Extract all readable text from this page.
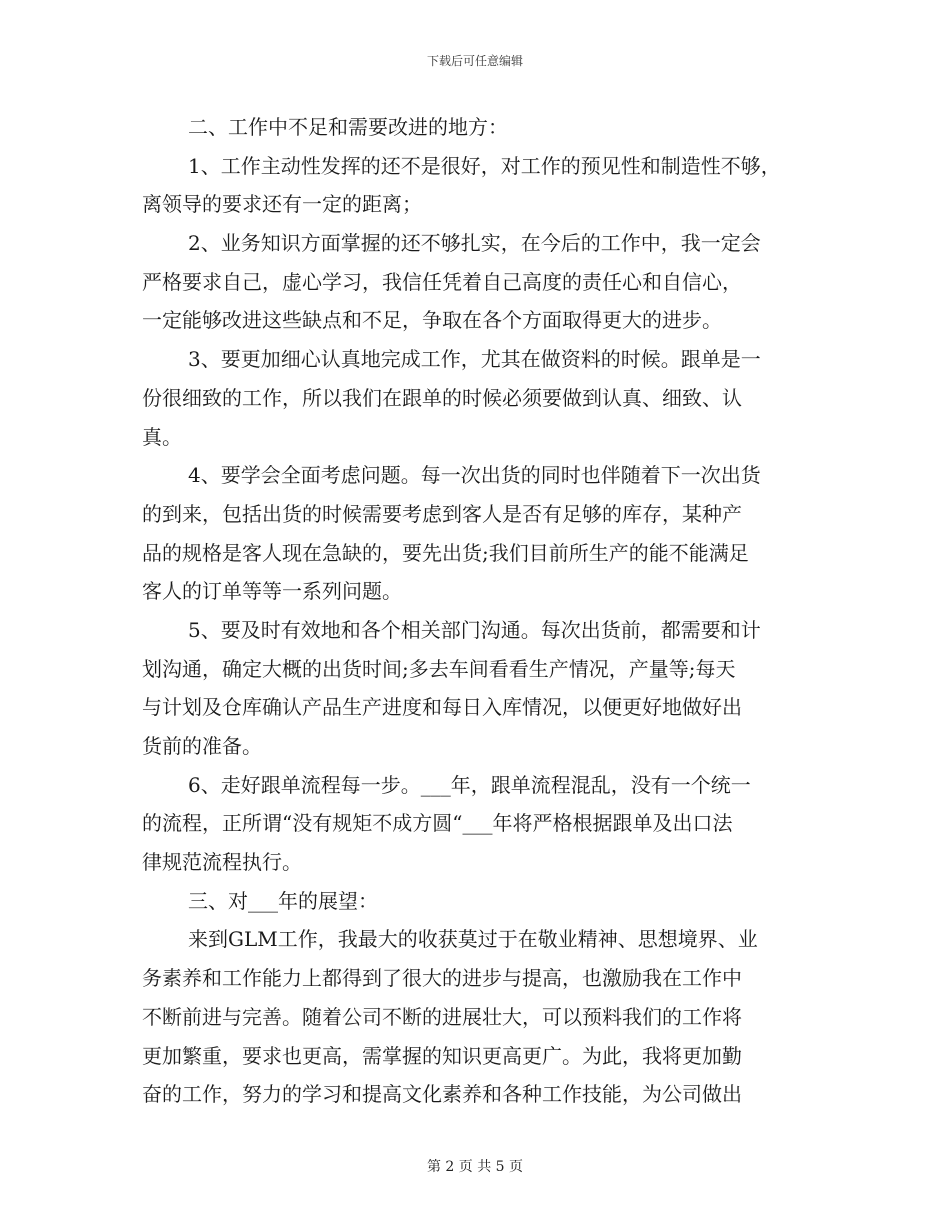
下载后可任意编辑
二、工作中不足和需要改进的地方：
1、工作主动性发挥的还不是很好，对工作的预见性和制造性不够，
离领导的要求还有一定的距离；
2、业务知识方面掌握的还不够扎实，在今后的工作中，我一定会
严格要求自己，虚心学习，我信任凭着自己高度的责任心和自信心，
一定能够改进这些缺点和不足，争取在各个方面取得更大的进步。
3、要更加细心认真地完成工作，尤其在做资料的时候。跟单是一
份很细致的工作，所以我们在跟单的时候必须要做到认真、细致、认
真。
4、要学会全面考虑问题。每一次出货的同时也伴随着下一次出货
的到来，包括出货的时候需要考虑到客人是否有足够的库存，某种产
品的规格是客人现在急缺的，要先出货;我们目前所生产的能不能满足
客人的订单等等一系列问题。
5、要及时有效地和各个相关部门沟通。每次出货前，都需要和计
划沟通，确定大概的出货时间;多去车间看看生产情况，产量等;每天
与计划及仓库确认产品生产进度和每日入库情况，以便更好地做好出
货前的准备。
6、走好跟单流程每一步。___年，跟单流程混乱，没有一个统一
的流程，正所谓“没有规矩不成方圆“___年将严格根据跟单及出口法
律规范流程执行。
三、对___年的展望：
来到GLM工作，我最大的收获莫过于在敬业精神、思想境界、业
务素养和工作能力上都得到了很大的进步与提高，也激励我在工作中
不断前进与完善。随着公司不断的进展壮大，可以预料我们的工作将
更加繁重，要求也更高，需掌握的知识更高更广。为此，我将更加勤
奋的工作，努力的学习和提高文化素养和各种工作技能，为公司做出
第 2 页 共 5 页
